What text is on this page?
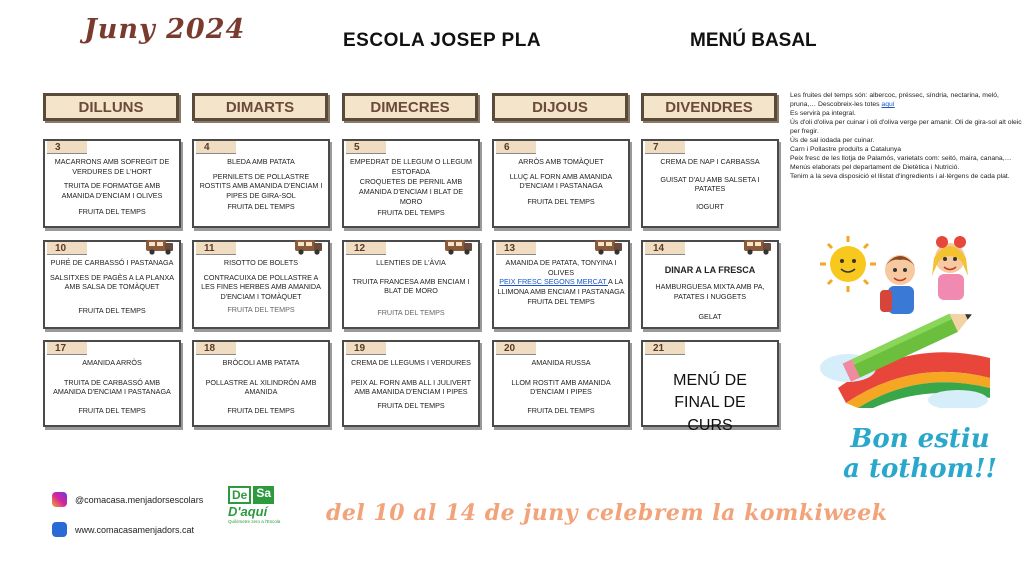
Juny 2024	ESCOLA JOSEP PLA	MENÚ BASAL
DILLUNS	DIMARTS	DIMECRES	DIJOUS	DIVENDRES
3

MACARRONS AMB SOFREGIT DE VERDURES DE L'HORT

TRUITA DE FORMATGE AMB AMANIDA D'ENCIAM I OLIVES

FRUITA DEL TEMPS

4

BLEDA AMB PATATA

PERNILETS DE POLLASTRE ROSTITS AMB AMANIDA D'ENCIAM I PIPES DE GIRA-SOL

FRUITA DEL TEMPS

5

EMPEDRAT DE LLEGUM O LLEGUM ESTOFADA

CROQUETES DE PERNIL AMB AMANIDA D'ENCIAM I BLAT DE MORO

FRUITA DEL TEMPS

6

ARRÒS AMB TOMÀQUET

LLUÇ AL FORN AMB AMANIDA D'ENCIAM I PASTANAGA

FRUITA DEL TEMPS

7

CREMA DE NAP I CARBASSA

GUISAT D'AU AMB SALSETA I PATATES

IOGURT

10

PURÉ DE CARBASSÓ I PASTANAGA

SALSITXES DE PAGÈS A LA PLANXA AMB SALSA DE TOMÀQUET

FRUITA DEL TEMPS

11

RISOTTO DE BOLETS

CONTRACUIXA DE POLLASTRE A LES FINES HERBES AMB AMANIDA D'ENCIAM I TOMÀQUET

FRUITA DEL TEMPS

12

LLENTIES DE L'ÀVIA

TRUITA FRANCESA AMB ENCIAM I BLAT DE MORO

FRUITA DEL TEMPS

13

AMANIDA DE PATATA, TONYINA I OLIVES

PEIX FRESC SEGONS MERCAT A LA LLIMONA AMB ENCIAM I PASTANAGA

FRUITA DEL TEMPS

14

DINAR A LA FRESCA

HAMBURGUESA MIXTA AMB PA, PATATES I NUGGETS

GELAT

17

AMANIDA ARRÒS

TRUITA DE CARBASSÓ AMB AMANIDA D'ENCIAM I PASTANAGA

FRUITA DEL TEMPS

18

BRÒCOLI AMB PATATA

POLLASTRE AL XILINDRÓN AMB AMANIDA

FRUITA DEL TEMPS

19

CREMA DE LLEGUMS I VERDURES

PEIX AL FORN AMB ALL I JULIVERT AMB AMANIDA D'ENCIAM I PIPES

FRUITA DEL TEMPS

20

AMANIDA RUSSA

LLOM ROSTIT AMB AMANIDA D'ENCIAM I PIPES

FRUITA DEL TEMPS

21

MENÚ DE FINAL DE CURS

Les fruites del temps són: albercoc, préssec, síndria, nectarina, meló, pruna,… Descobreix-les totes aquí

Es servirà pa integral.

Ús d'oli d'oliva per cuinar i oli d'oliva verge per amanir. Oli de gira-sol alt oleic per fregir.

Ús de sal iodada per cuinar.

Carn i Pollastre produïts a Catalunya

Peix fresc de les llotja de Palamós, varietats com: seitó, maira, canana,…

Menús elaborats pel departament de Dietètica i Nutrició.

Tenim a la seva disposició el llistat d'ingredients i al·lèrgens de cada plat.

Bon estiu
a tothom!!
@comacasa.menjadorsescolars
www.comacasamenjadors.cat
De Sa
D'aquí
Quilòmetre zero a l'Escola	del 10 al 14 de juny celebrem la komkiweek
